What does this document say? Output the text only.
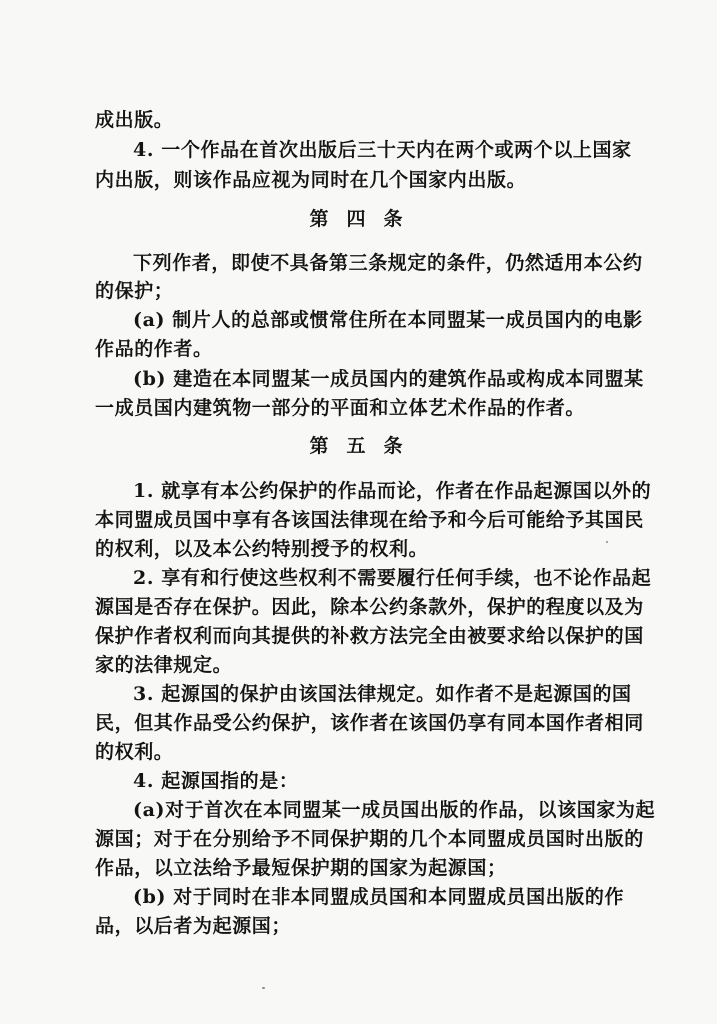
成出版。
4. 一个作品在首次出版后三十天内在两个或两个以上国家
内出版，则该作品应视为同时在几个国家内出版。
第四条
下列作者，即使不具备第三条规定的条件，仍然适用本公约
的保护；
(a) 制片人的总部或惯常住所在本同盟某一成员国内的电影
作品的作者。
(b) 建造在本同盟某一成员国内的建筑作品或构成本同盟某
一成员国内建筑物一部分的平面和立体艺术作品的作者。
第五条
1. 就享有本公约保护的作品而论，作者在作品起源国以外的
本同盟成员国中享有各该国法律现在给予和今后可能给予其国民
的权利，以及本公约特别授予的权利。
2. 享有和行使这些权利不需要履行任何手续，也不论作品起
源国是否存在保护。因此，除本公约条款外，保护的程度以及为
保护作者权利而向其提供的补救方法完全由被要求给以保护的国
家的法律规定。
3. 起源国的保护由该国法律规定。如作者不是起源国的国
民，但其作品受公约保护，该作者在该国仍享有同本国作者相同
的权利。
4. 起源国指的是：
(a)对于首次在本同盟某一成员国出版的作品，以该国家为起
源国；对于在分别给予不同保护期的几个本同盟成员国时出版的
作品，以立法给予最短保护期的国家为起源国；
(b) 对于同时在非本同盟成员国和本同盟成员国出版的作
品，以后者为起源国；
